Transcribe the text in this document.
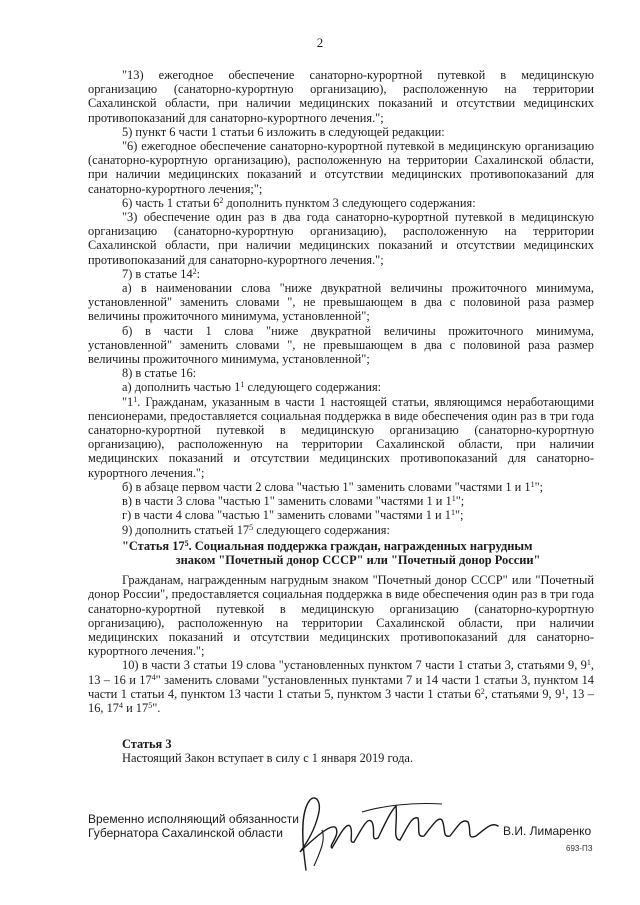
2

"13) ежегодное обеспечение санаторно-курортной путевкой в медицинскую организацию (санаторно-курортную организацию), расположенную на территории Сахалинской области, при наличии медицинских показаний и отсутствии медицинских противопоказаний для санаторно-курортного лечения.";

5) пункт 6 части 1 статьи 6 изложить в следующей редакции:

"6) ежегодное обеспечение санаторно-курортной путевкой в медицинскую организацию (санаторно-курортную организацию), расположенную на территории Сахалинской области, при наличии медицинских показаний и отсутствии медицинских противопоказаний для санаторно-курортного лечения;";

6) часть 1 статьи $6^2$ дополнить пунктом 3 следующего содержания:

"3) обеспечение один раз в два года санаторно-курортной путевкой в медицинскую организацию (санаторно-курортную организацию), расположенную на территории Сахалинской области, при наличии медицинских показаний и отсутствии медицинских противопоказаний для санаторно-курортного лечения.";

7) в статье $14^2$:

а) в наименовании слова "ниже двукратной величины прожиточного минимума, установленной" заменить словами ", не превышающем в два с половиной раза размер величины прожиточного минимума, установленной";

б) в части 1 слова "ниже двукратной величины прожиточного минимума, установленной" заменить словами ", не превышающем в два с половиной раза размер величины прожиточного минимума, установленной";

8) в статье 16:

а) дополнить частью $1^1$ следующего содержания:

"$1^1$. Гражданам, указанным в части 1 настоящей статьи, являющимся неработающими пенсионерами, предоставляется социальная поддержка в виде обеспечения один раз в три года санаторно-курортной путевкой в медицинскую организацию (санаторно-курортную организацию), расположенную на территории Сахалинской области, при наличии медицинских показаний и отсутствии медицинских противопоказаний для санаторно-курортного лечения.";

б) в абзаце первом части 2 слова "частью 1" заменить словами "частями 1 и $1^1$";

в) в части 3 слова "частью 1" заменить словами "частями 1 и $1^1$";

г) в части 4 слова "частью 1" заменить словами "частями 1 и $1^1$";

9) дополнить статьей $17^5$ следующего содержания:

"Статья $17^5$. Социальная поддержка граждан, награжденных нагрудным
знаком "Почетный донор СССР" или "Почетный донор России"

Гражданам, награжденным нагрудным знаком "Почетный донор СССР" или "Почетный донор России", предоставляется социальная поддержка в виде обеспечения один раз в три года санаторно-курортной путевкой в медицинскую организацию (санаторно-курортную организацию), расположенную на территории Сахалинской области, при наличии медицинских показаний и отсутствии медицинских противопоказаний для санаторно-курортного лечения.";

10) в части 3 статьи 19 слова "установленных пунктом 7 части 1 статьи 3, статьями 9, $9^1$, 13 – 16 и $17^4$" заменить словами "установленных пунктами 7 и 14 части 1 статьи 3, пунктом 14 части 1 статьи 4, пунктом 13 части 1 статьи 5, пунктом 3 части 1 статьи $6^2$, статьями 9, $9^1$, 13 – 16, $17^4$ и $17^5$".

Статья 3

Настоящий Закон вступает в силу с 1 января 2019 года.

Временно исполняющий обязанности
Губернатора Сахалинской области	В.И. Лимаренко
693-ПЗ
